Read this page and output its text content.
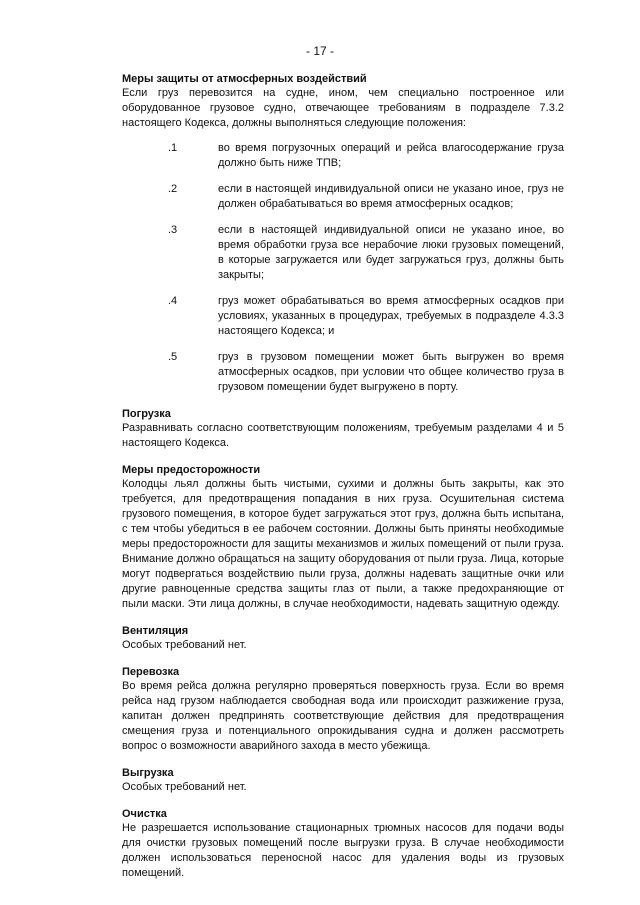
- 17 -
Меры защиты от атмосферных воздействий

Если груз перевозится на судне, ином, чем специально построенное или оборудованное грузовое судно, отвечающее требованиям в подразделе 7.3.2 настоящего Кодекса, должны выполняться следующие положения:

.1	во время погрузочных операций и рейса влагосодержание груза должно быть ниже ТПВ;
.2	если в настоящей индивидуальной описи не указано иное, груз не должен обрабатываться во время атмосферных осадков;
.3	если в настоящей индивидуальной описи не указано иное, во время обработки груза все нерабочие люки грузовых помещений, в которые загружается или будет загружаться груз, должны быть закрыты;
.4	груз может обрабатываться во время атмосферных осадков при условиях, указанных в процедурах, требуемых в подразделе 4.3.3 настоящего Кодекса; и
.5	груз в грузовом помещении может быть выгружен во время атмосферных осадков, при условии что общее количество груза в грузовом помещении будет выгружено в порту.
Погрузка

Разравнивать согласно соответствующим положениям, требуемым разделами 4 и 5 настоящего Кодекса.

Меры предосторожности

Колодцы льял должны быть чистыми, сухими и должны быть закрыты, как это требуется, для предотвращения попадания в них груза. Осушительная система грузового помещения, в которое будет загружаться этот груз, должна быть испытана, с тем чтобы убедиться в ее рабочем состоянии. Должны быть приняты необходимые меры предосторожности для защиты механизмов и жилых помещений от пыли груза. Внимание должно обращаться на защиту оборудования от пыли груза. Лица, которые могут подвергаться воздействию пыли груза, должны надевать защитные очки или другие равноценные средства защиты глаз от пыли, а также предохраняющие от пыли маски. Эти лица должны, в случае необходимости, надевать защитную одежду.

Вентиляция

Особых требований нет.

Перевозка

Во время рейса должна регулярно проверяться поверхность груза. Если во время рейса над грузом наблюдается свободная вода или происходит разжижение груза, капитан должен предпринять соответствующие действия для предотвращения смещения груза и потенциального опрокидывания судна и должен рассмотреть вопрос о возможности аварийного захода в место убежища.

Выгрузка

Особых требований нет.

Очистка

Не разрешается использование стационарных трюмных насосов для подачи воды для очистки грузовых помещений после выгрузки груза. В случае необходимости должен использоваться переносной насос для удаления воды из грузовых помещений.
